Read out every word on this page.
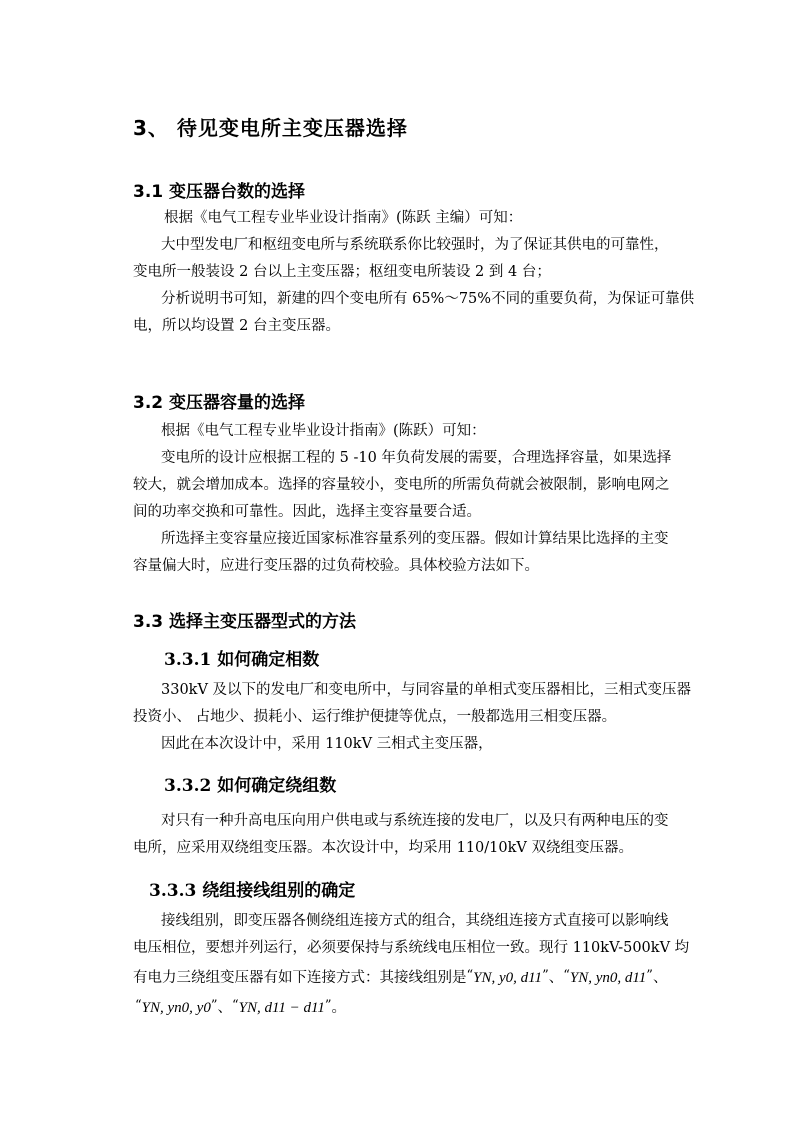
3、 待见变电所主变压器选择
3.1 变压器台数的选择
根据《电气工程专业毕业设计指南》(陈跃 主编）可知：
大中型发电厂和枢纽变电所与系统联系你比较强时，为了保证其供电的可靠性，
变电所一般装设 2 台以上主变压器；枢纽变电所装设 2 到 4 台；
分析说明书可知，新建的四个变电所有 65%～75%不同的重要负荷，为保证可靠供
电，所以均设置 2 台主变压器。
3.2 变压器容量的选择
根据《电气工程专业毕业设计指南》(陈跃）可知：
变电所的设计应根据工程的 5 -10 年负荷发展的需要，合理选择容量，如果选择
较大，就会增加成本。选择的容量较小，变电所的所需负荷就会被限制，影响电网之
间的功率交换和可靠性。因此，选择主变容量要合适。
所选择主变容量应接近国家标准容量系列的变压器。假如计算结果比选择的主变
容量偏大时，应进行变压器的过负荷校验。具体校验方法如下。
3.3 选择主变压器型式的方法
3.3.1 如何确定相数
330kV 及以下的发电厂和变电所中，与同容量的单相式变压器相比，三相式变压器
投资小、 占地少、损耗小、运行维护便捷等优点，一般都选用三相变压器。
因此在本次设计中，采用 110kV 三相式主变压器，
3.3.2 如何确定绕组数
对只有一种升高电压向用户供电或与系统连接的发电厂，以及只有两种电压的变
电所，应采用双绕组变压器。本次设计中，均采用 110/10kV 双绕组变压器。
3.3.3 绕组接线组别的确定
接线组别，即变压器各侧绕组连接方式的组合，其绕组连接方式直接可以影响线
电压相位，要想并列运行，必须要保持与系统线电压相位一致。现行 110kV-500kV 均
有电力三绕组变压器有如下连接方式：其接线组别是“YN, y0, d11”、“YN, yn0, d11”、
“YN, yn0, y0”、“YN, d11 − d11”。
